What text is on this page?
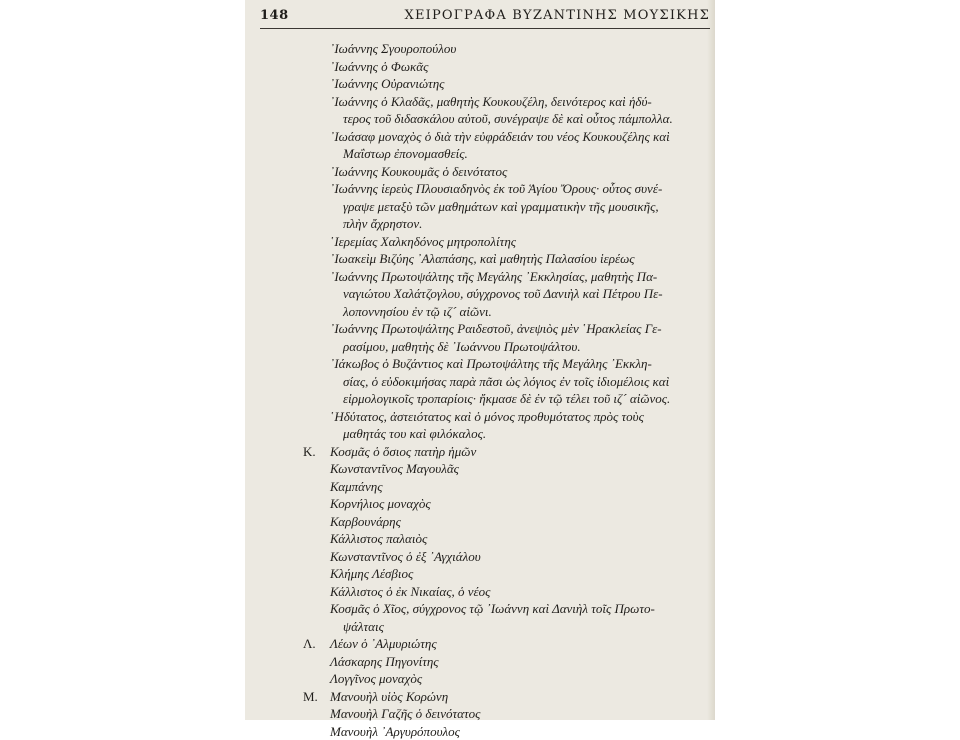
148	ΧΕΙΡΟΓΡΑΦΑ ΒΥΖΑΝΤΙΝΗΣ ΜΟΥΣΙΚΗΣ
᾿Ιωάννης Σγουροπούλου
᾿Ιωάννης ὁ Φωκᾶς
᾿Ιωάννης Οὐρανιώτης
᾿Ιωάννης ὁ Κλαδᾶς, μαθητὴς Κουκουζέλη, δεινότερος καὶ ἡδύ-
τερος τοῦ διδασκάλου αὐτοῦ, συνέγραψε δὲ καὶ οὗτος πάμπολλα.
᾿Ιωάσαφ μοναχὸς ὁ διὰ τὴν εὐφράδειάν του νέος Κουκουζέλης καὶ
Μαΐστωρ ἐπονομασθείς.
᾿Ιωάννης Κουκουμᾶς ὁ δεινότατος
᾿Ιωάννης ἱερεὺς Πλουσιαδηνὸς ἐκ τοῦ Ἁγίου Ὄρους· οὗτος συνέ-
γραψε μεταξὺ τῶν μαθημάτων καὶ γραμματικὴν τῆς μουσικῆς,
πλὴν ἄχρηστον.
῾Ιερεμίας Χαλκηδόνος μητροπολίτης
᾿Ιωακεὶμ Βιζύης ᾿Αλαπάσης, καὶ μαθητὴς Παλασίου ἱερέως
᾿Ιωάννης Πρωτοψάλτης τῆς Μεγάλης ᾿Εκκλησίας, μαθητὴς Πα-
ναγιώτου Χαλάτζογλου, σύγχρονος τοῦ Δανιὴλ καὶ Πέτρου Πε-
λοποννησίου ἐν τῷ ιζ´ αἰῶνι.
᾿Ιωάννης Πρωτοψάλτης Ραιδεστοῦ, ἀνεψιὸς μὲν ῾Ηρακλείας Γε-
ρασίμου, μαθητὴς δὲ ᾿Ιωάννου Πρωτοψάλτου.
᾿Ιάκωβος ὁ Βυζάντιος καὶ Πρωτοψάλτης τῆς Μεγάλης ᾿Εκκλη-
σίας, ὁ εὐδοκιμήσας παρὰ πᾶσι ὡς λόγιος ἐν τοῖς ἰδιομέλοις καὶ
εἱρμολογικοῖς τροπαρίοις· ἤκμασε δὲ ἐν τῷ τέλει τοῦ ιζ´ αἰῶνος.
῾Ηδύτατος, ἀστειότατος καὶ ὁ μόνος προθυμότατος πρὸς τοὺς
μαθητάς του καὶ φιλόκαλος.
Κ. Κοσμᾶς ὁ ὅσιος πατὴρ ἡμῶν
Κωνσταντῖνος Μαγουλᾶς
Καμπάνης
Κορνήλιος μοναχὸς
Καρβουνάρης
Κάλλιστος παλαιὸς
Κωνσταντῖνος ὁ ἐξ ᾿Αγχιάλου
Κλήμης Λέσβιος
Κάλλιστος ὁ ἐκ Νικαίας, ὁ νέος
Κοσμᾶς ὁ Χῖος, σύγχρονος τῷ ᾿Ιωάννη καὶ Δανιὴλ τοῖς Πρωτο-
ψάλταις
Λ. Λέων ὁ ᾿Αλμυριώτης
Λάσκαρης Πηγονίτης
Λογγῖνος μοναχὸς
Μ. Μανουὴλ υἱὸς Κορώνη
Μανουὴλ Γαζῆς ὁ δεινότατος
Μανουὴλ ᾿Αργυρόπουλος
